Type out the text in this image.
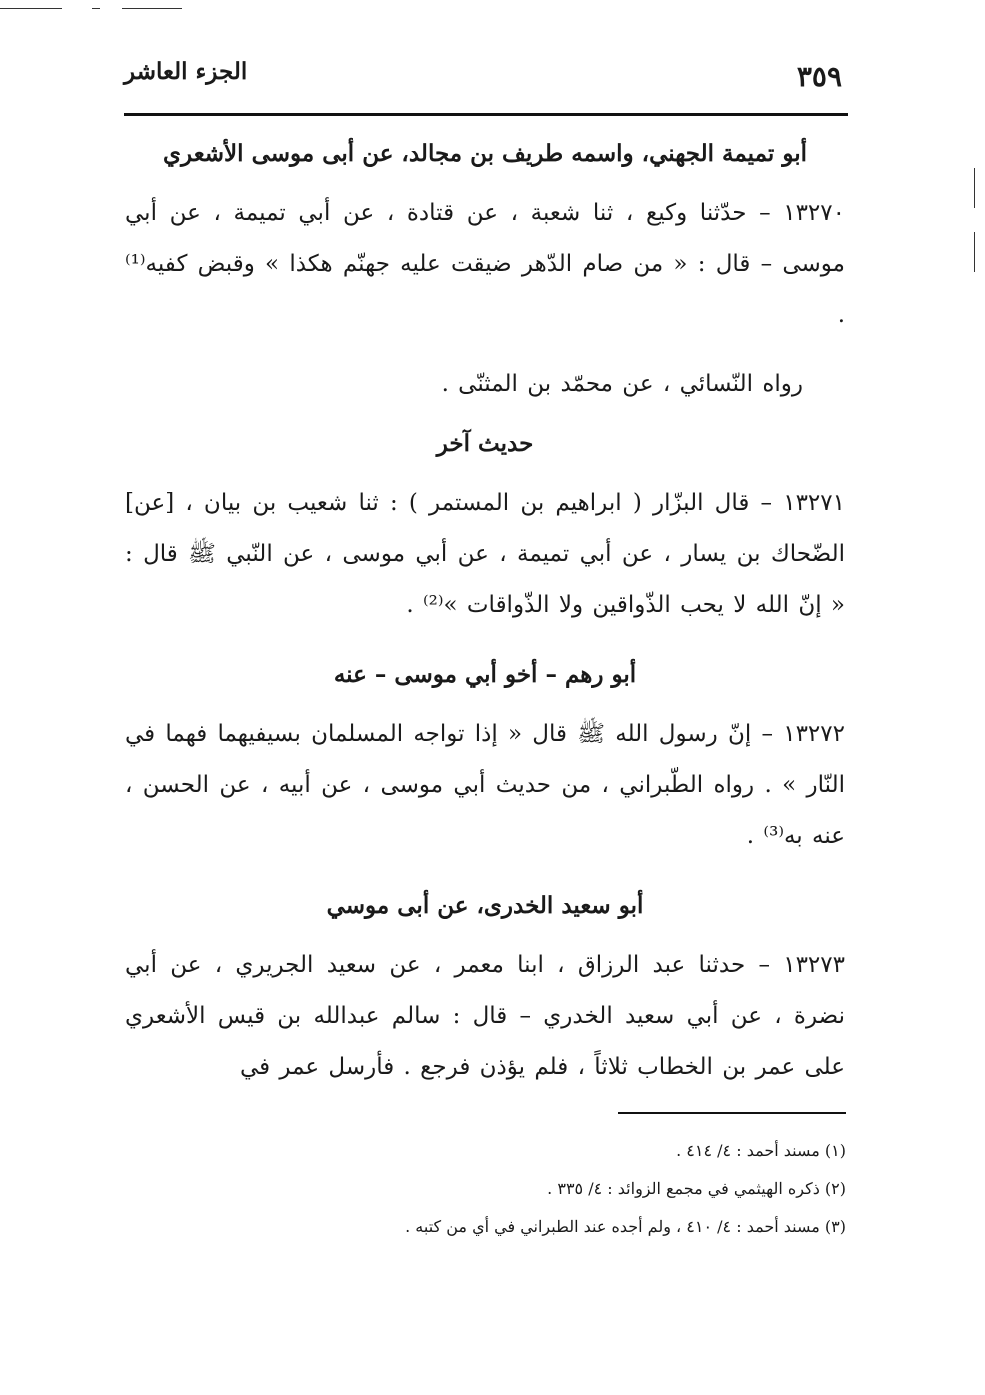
٣٥٩
الجزء العاشر
أبو تميمة الجهني، واسمه طريف بن مجالد، عن أبى موسى الأشعري

١٣٢٧٠ – حدّثنا وكيع ، ثنا شعبة ، عن قتادة ، عن أبي تميمة ، عن أبي موسى – قال : « من صام الدّهر ضيقت عليه جهنّم هكذا » وقبض كفيه⁽¹⁾ .

رواه النّسائي ، عن محمّد بن المثنّى .

حديث آخر

١٣٢٧١ – قال البزّار ( ابراهيم بن المستمر ) : ثنا شعيب بن بيان ، [عن] الضّحاك بن يسار ، عن أبي تميمة ، عن أبي موسى ، عن النّبي ﷺ قال : « إنّ الله لا يحب الذّواقين ولا الذّواقات »⁽²⁾ .

أبو رهم – أخو أبي موسى – عنه

١٣٢٧٢ – إنّ رسول الله ﷺ قال « إذا تواجه المسلمان بسيفيهما فهما في النّار » . رواه الطّبراني ، من حديث أبي موسى ، عن أبيه ، عن الحسن ، عنه به⁽³⁾ .

أبو سعيد الخدرى، عن أبى موسي

١٣٢٧٣ – حدثنا عبد الرزاق ، ابنا معمر ، عن سعيد الجريري ، عن أبي نضرة ، عن أبي سعيد الخدري – قال : سالم عبدالله بن قيس الأشعري على عمر بن الخطاب ثلاثاً ، فلم يؤذن فرجع . فأرسل عمر في

(١) مسند أحمد : ٤/ ٤١٤ .

(٢) ذكره الهيثمي في مجمع الزوائد : ٤/ ٣٣٥ .

(٣) مسند أحمد : ٤/ ٤١٠ ، ولم أجده عند الطبراني في أي من كتبه .
